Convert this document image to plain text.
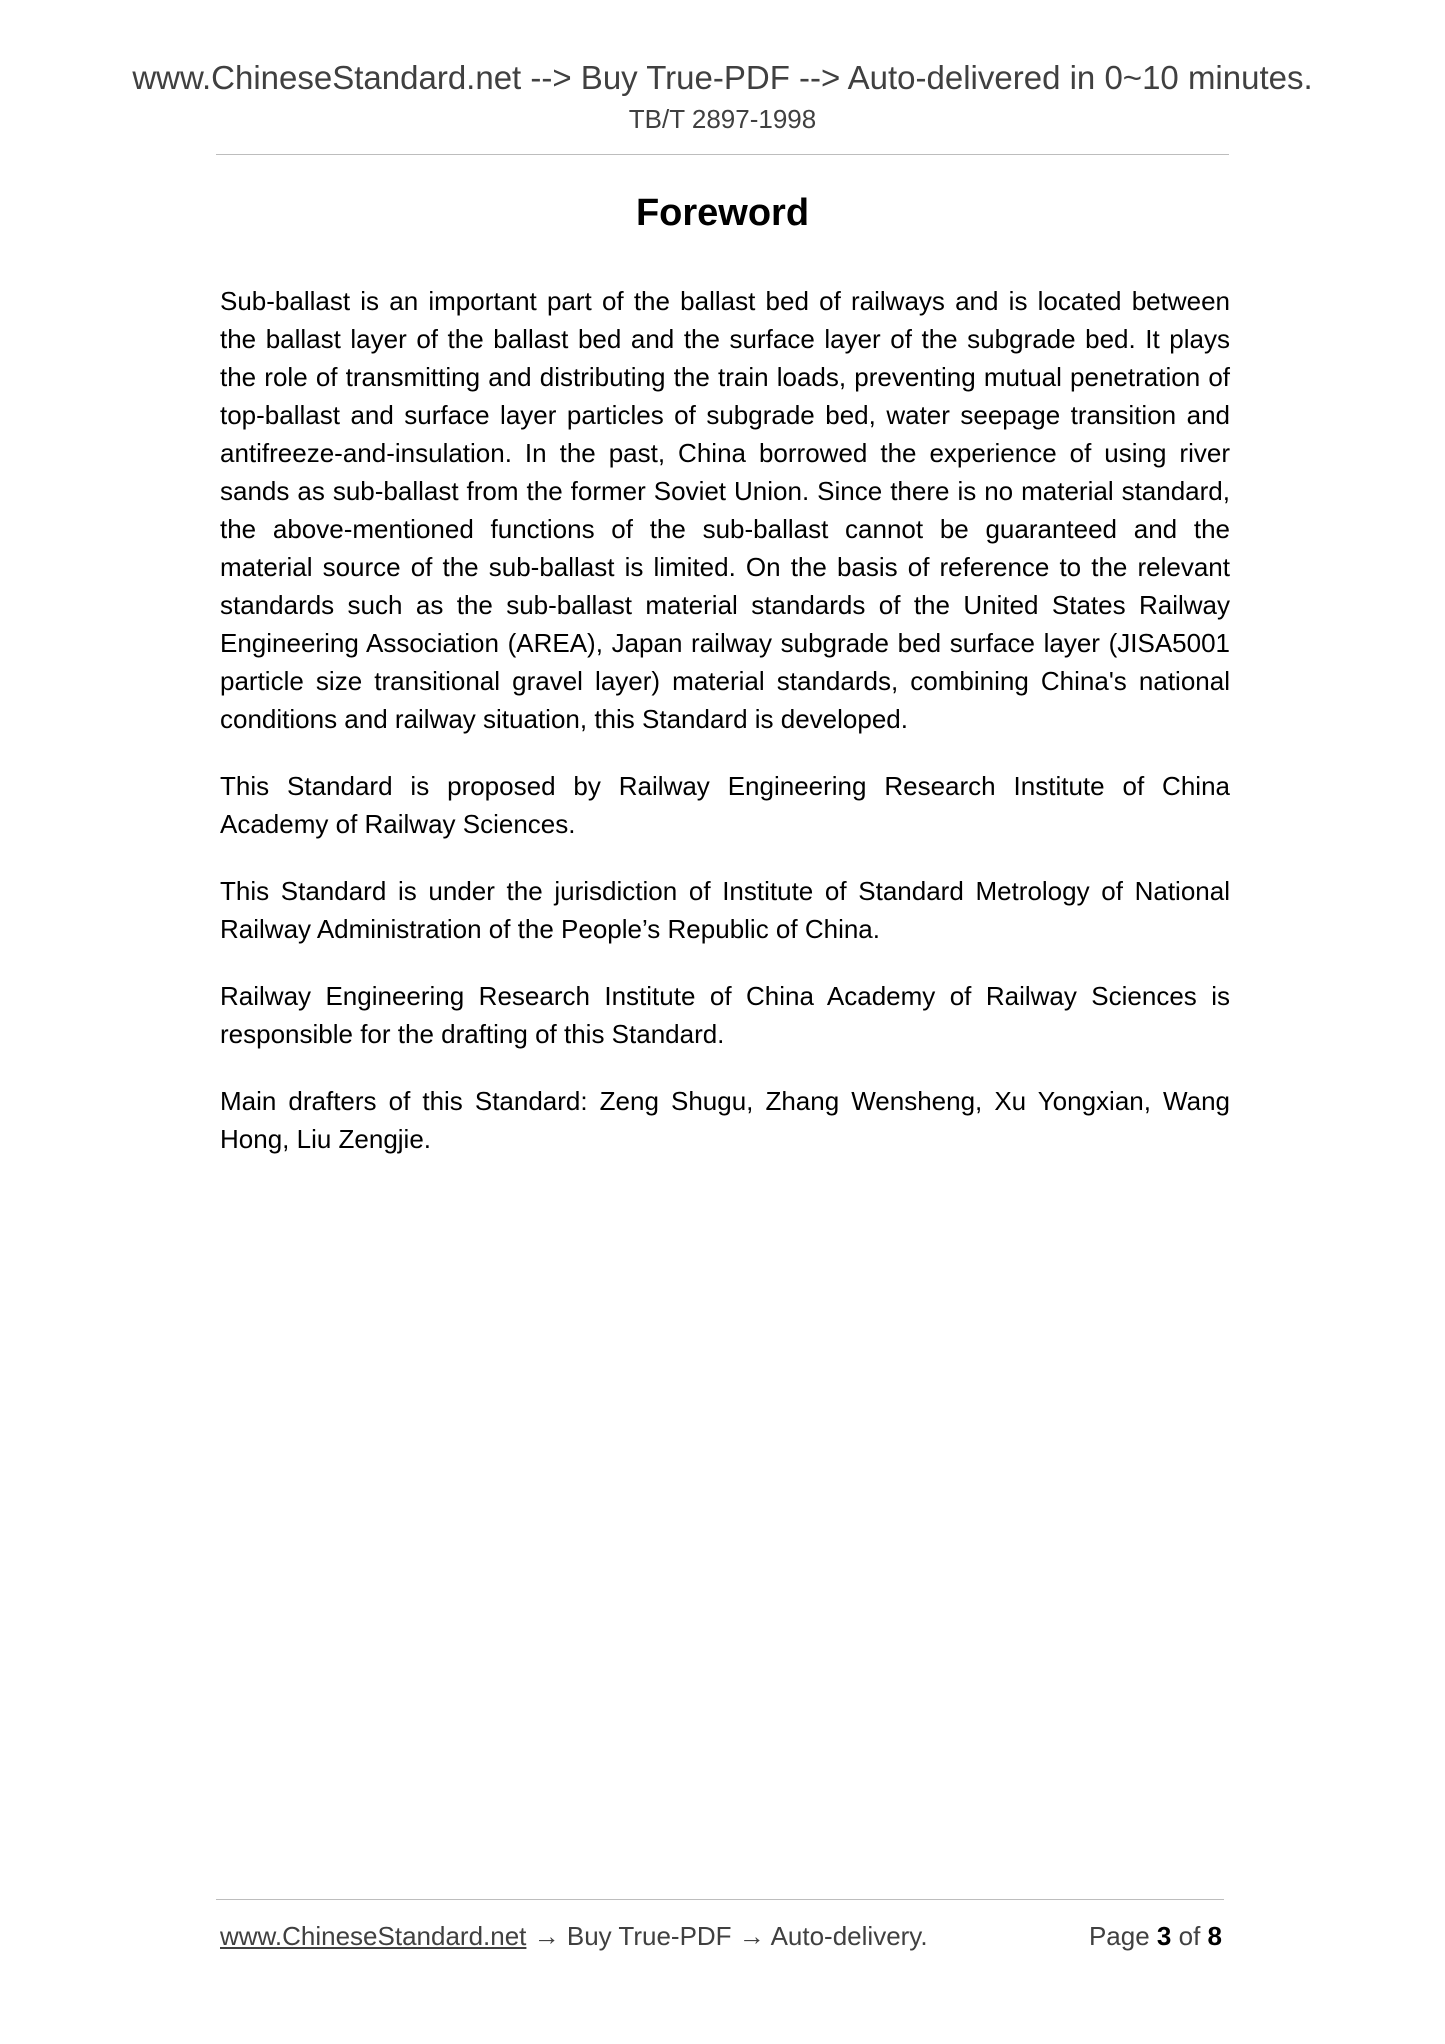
www.ChineseStandard.net --> Buy True-PDF --> Auto-delivered in 0~10 minutes.
TB/T 2897-1998
Foreword

Sub-ballast is an important part of the ballast bed of railways and is located between the ballast layer of the ballast bed and the surface layer of the subgrade bed. It plays the role of transmitting and distributing the train loads, preventing mutual penetration of top-ballast and surface layer particles of subgrade bed, water seepage transition and antifreeze-and-insulation. In the past, China borrowed the experience of using river sands as sub-ballast from the former Soviet Union. Since there is no material standard, the above-mentioned functions of the sub-ballast cannot be guaranteed and the material source of the sub-ballast is limited. On the basis of reference to the relevant standards such as the sub-ballast material standards of the United States Railway Engineering Association (AREA), Japan railway subgrade bed surface layer (JISA5001 particle size transitional gravel layer) material standards, combining China's national conditions and railway situation, this Standard is developed.

This Standard is proposed by Railway Engineering Research Institute of China Academy of Railway Sciences.

This Standard is under the jurisdiction of Institute of Standard Metrology of National Railway Administration of the People’s Republic of China.

Railway Engineering Research Institute of China Academy of Railway Sciences is responsible for the drafting of this Standard.

Main drafters of this Standard: Zeng Shugu, Zhang Wensheng, Xu Yongxian, Wang Hong, Liu Zengjie.

www.ChineseStandard.net → Buy True-PDF → Auto-delivery.	Page 3 of 8
